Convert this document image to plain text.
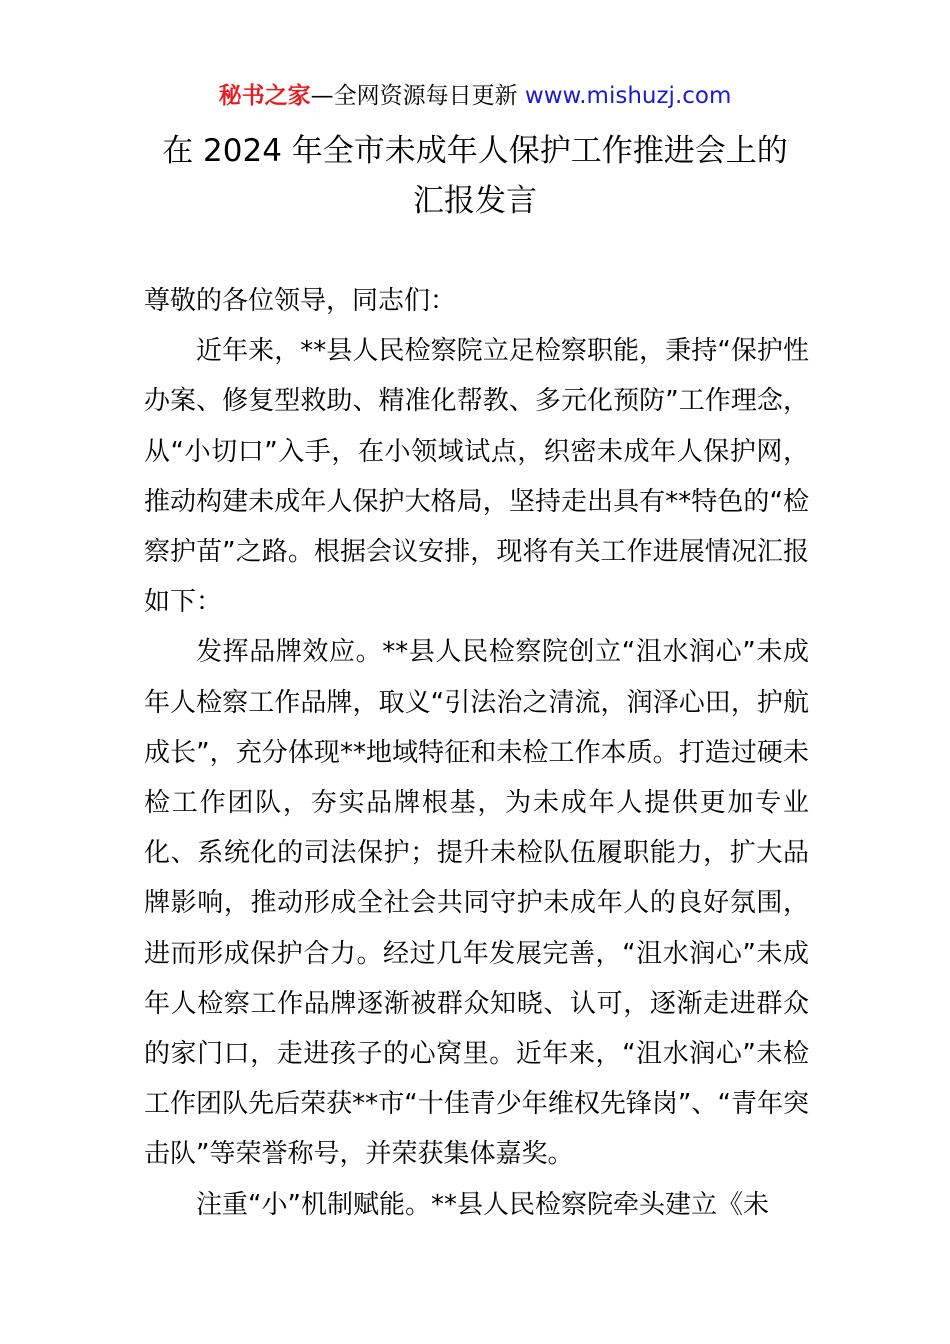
秘书之家—全网资源每日更新 www.mishuzj.com
在 2024 年全市未成年人保护工作推进会上的
汇报发言

尊敬的各位领导，同志们：

近年来，**县人民检察院立足检察职能，秉持“保护性办案、修复型救助、精准化帮教、多元化预防”工作理念，从“小切口”入手，在小领域试点，织密未成年人保护网，推动构建未成年人保护大格局，坚持走出具有**特色的“检察护苗”之路。根据会议安排，现将有关工作进展情况汇报如下：

发挥品牌效应。**县人民检察院创立“沮水润心”未成年人检察工作品牌，取义“引法治之清流，润泽心田，护航成长”，充分体现**地域特征和未检工作本质。打造过硬未检工作团队，夯实品牌根基，为未成年人提供更加专业化、系统化的司法保护；提升未检队伍履职能力，扩大品牌影响，推动形成全社会共同守护未成年人的良好氛围，进而形成保护合力。经过几年发展完善，“沮水润心”未成年人检察工作品牌逐渐被群众知晓、认可，逐渐走进群众的家门口，走进孩子的心窝里。近年来，“沮水润心”未检工作团队先后荣获**市“十佳青少年维权先锋岗”、“青年突击队”等荣誉称号，并荣获集体嘉奖。

注重“小”机制赋能。**县人民检察院牵头建立《未
